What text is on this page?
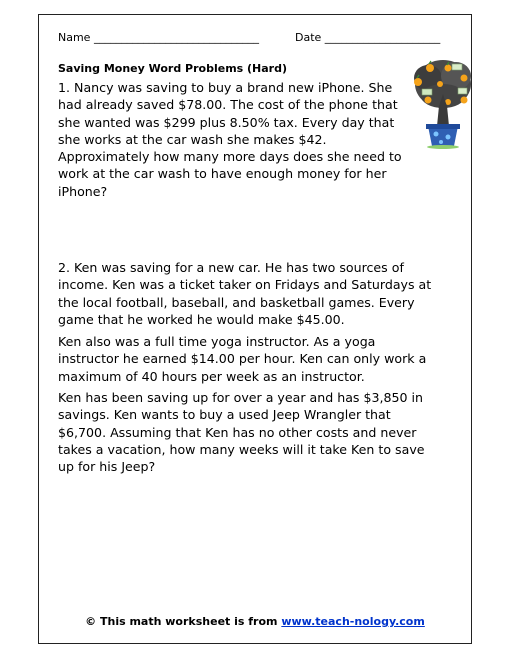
Name ______________________________	Date _____________________
Saving Money Word Problems (Hard)

1. Nancy was saving to buy a brand new iPhone. She had already saved $78.00. The cost of the phone that she wanted was $299 plus 8.50% tax. Every day that she works at the car wash she makes $42. Approximately how many more days does she need to work at the car wash to have enough money for her iPhone?

2. Ken was saving for a new car. He has two sources of income. Ken was a ticket taker on Fridays and Saturdays at the local football, baseball, and basketball games. Every game that he worked he would make $45.00.

Ken also was a full time yoga instructor. As a yoga instructor he earned $14.00 per hour. Ken can only work a maximum of 40 hours per week as an instructor.

Ken has been saving up for over a year and has $3,850 in savings. Ken wants to buy a used Jeep Wrangler that $6,700. Assuming that Ken has no other costs and never takes a vacation, how many weeks will it take Ken to save up for his Jeep?

© This math worksheet is from www.teach-nology.com
